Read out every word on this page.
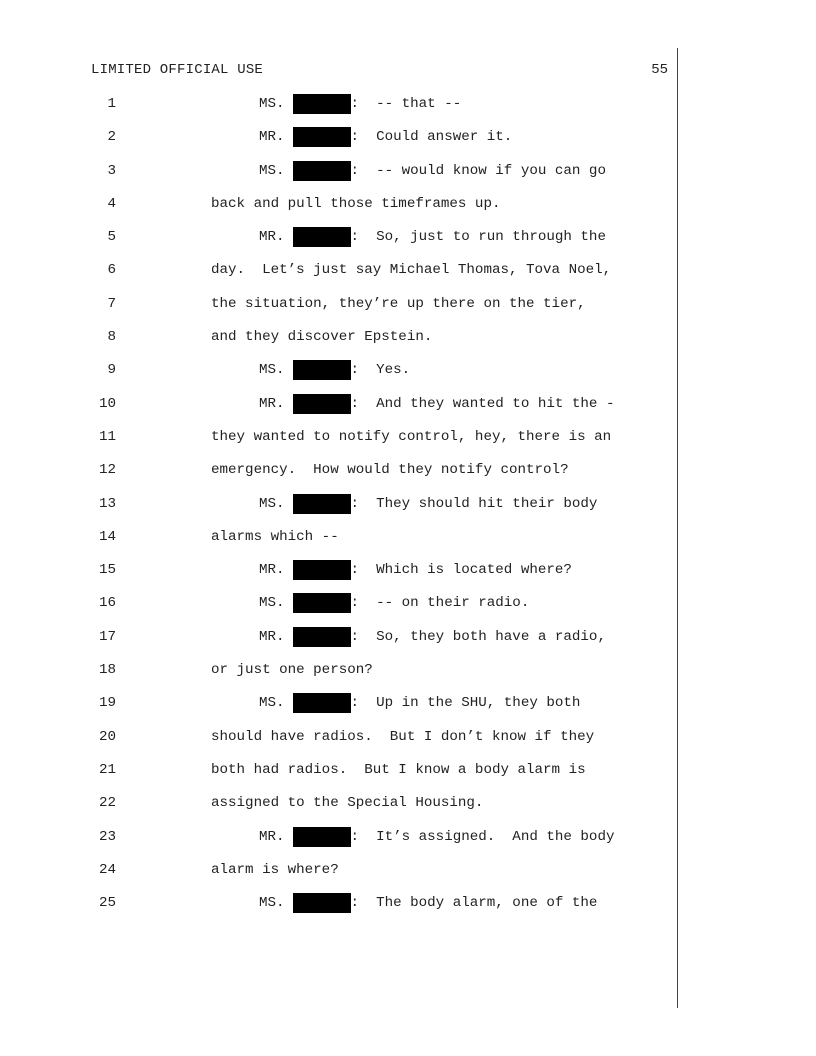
LIMITED OFFICIAL USE	55
1	MS.	:  -- that --
2	MR.	:  Could answer it.
3	MS.	:  -- would know if you can go
4	back and pull those timeframes up.
5	MR.	:  So, just to run through the
6	day.  Let’s just say Michael Thomas, Tova Noel,
7	the situation, they’re up there on the tier,
8	and they discover Epstein.
9	MS.	:  Yes.
10	MR.	:  And they wanted to hit the -
11	they wanted to notify control, hey, there is an
12	emergency.  How would they notify control?
13	MS.	:  They should hit their body
14	alarms which --
15	MR.	:  Which is located where?
16	MS.	:  -- on their radio.
17	MR.	:  So, they both have a radio,
18	or just one person?
19	MS.	:  Up in the SHU, they both
20	should have radios.  But I don’t know if they
21	both had radios.  But I know a body alarm is
22	assigned to the Special Housing.
23	MR.	:  It’s assigned.  And the body
24	alarm is where?
25	MS.	:  The body alarm, one of the
